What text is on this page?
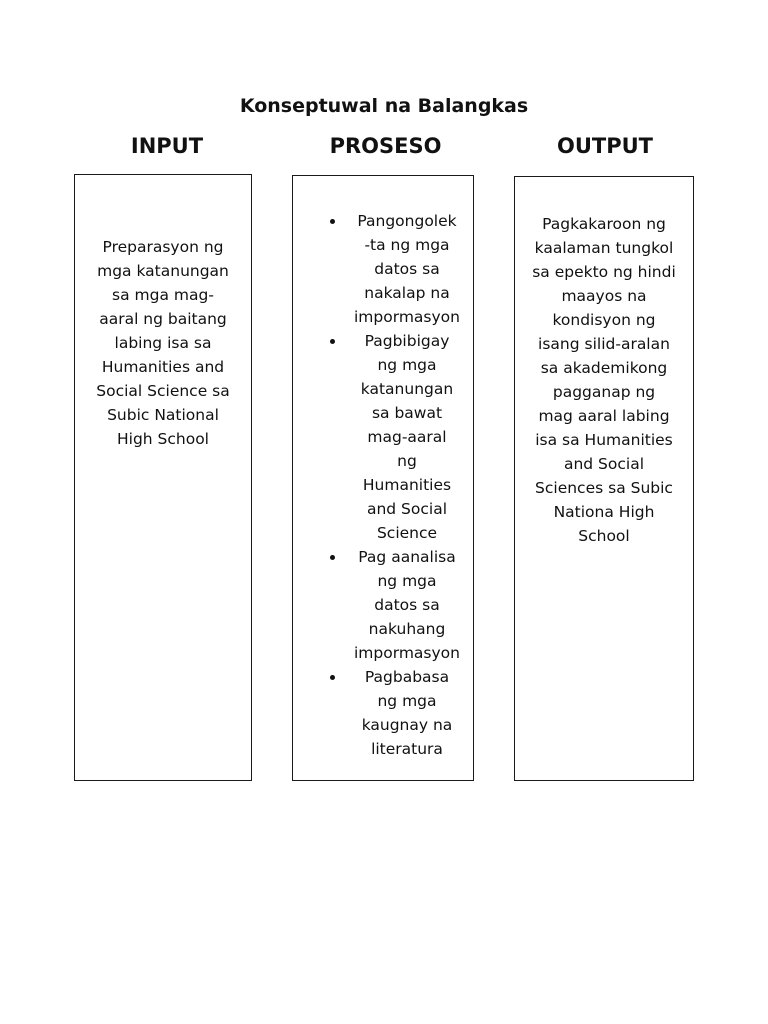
Konseptuwal na Balangkas
INPUT	PROSESO	OUTPUT
Preparasyon ng
mga katanungan
sa mga mag-
aaral ng baitang
labing isa sa
Humanities and
Social Science sa
Subic National
High School
Pangongolek
-ta ng mga
datos sa
nakalap na
impormasyon
Pagbibigay
ng mga
katanungan
sa bawat
mag-aaral
ng
Humanities
and Social
Science
Pag aanalisa
ng mga
datos sa
nakuhang
impormasyon
Pagbabasa
ng mga
kaugnay na
literatura
Pagkakaroon ng
kaalaman tungkol
sa epekto ng hindi
maayos na
kondisyon ng
isang silid-aralan
sa akademikong
pagganap ng
mag aaral labing
isa sa Humanities
and Social
Sciences sa Subic
Nationa High
School
